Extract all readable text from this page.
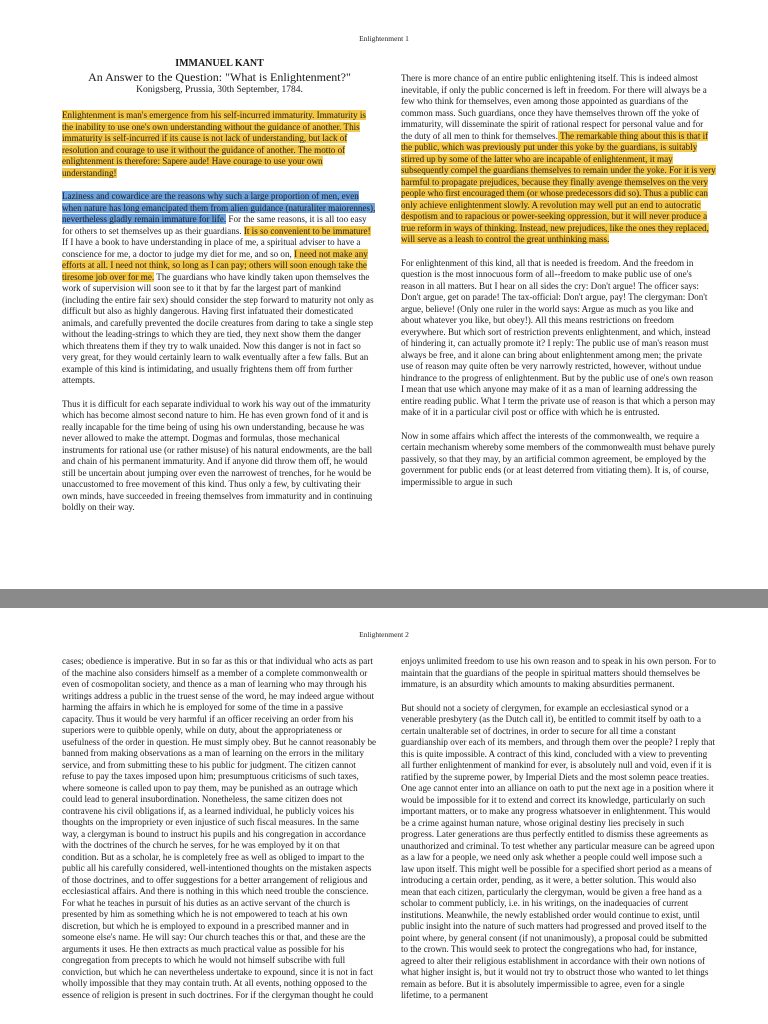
Enlightenment 1
IMMANUEL KANT
An Answer to the Question: "What is Enlightenment?"

Konigsberg, Prussia, 30th September, 1784.

Enlightenment is man's emergence from his self-incurred immaturity. Immaturity is the inability to use one's own understanding without the guidance of another. This immaturity is self-incurred if its cause is not lack of understanding, but lack of resolution and courage to use it without the guidance of another. The motto of enlightenment is therefore: Sapere aude! Have courage to use your own understanding!

Laziness and cowardice are the reasons why such a large proportion of men, even when nature has long emancipated them from alien guidance (naturaliter maiorennes), nevertheless gladly remain immature for life. For the same reasons, it is all too easy for others to set themselves up as their guardians. It is so convenient to be immature! If I have a book to have understanding in place of me, a spiritual adviser to have a conscience for me, a doctor to judge my diet for me, and so on, I need not make any efforts at all. I need not think, so long as I can pay; others will soon enough take the tiresome job over for me. The guardians who have kindly taken upon themselves the work of supervision will soon see to it that by far the largest part of mankind (including the entire fair sex) should consider the step forward to maturity not only as difficult but also as highly dangerous. Having first infatuated their domesticated animals, and carefully prevented the docile creatures from daring to take a single step without the leading-strings to which they are tied, they next show them the danger which threatens them if they try to walk unaided. Now this danger is not in fact so very great, for they would certainly learn to walk eventually after a few falls. But an example of this kind is intimidating, and usually frightens them off from further attempts.

Thus it is difficult for each separate individual to work his way out of the immaturity which has become almost second nature to him. He has even grown fond of it and is really incapable for the time being of using his own understanding, because he was never allowed to make the attempt. Dogmas and formulas, those mechanical instruments for rational use (or rather misuse) of his natural endowments, are the ball and chain of his permanent immaturity. And if anyone did throw them off, he would still be uncertain about jumping over even the narrowest of trenches, for he would be unaccustomed to free movement of this kind. Thus only a few, by cultivating their own minds, have succeeded in freeing themselves from immaturity and in continuing boldly on their way.

There is more chance of an entire public enlightening itself. This is indeed almost inevitable, if only the public concerned is left in freedom. For there will always be a few who think for themselves, even among those appointed as guardians of the common mass. Such guardians, once they have themselves thrown off the yoke of immaturity, will disseminate the spirit of rational respect for personal value and for the duty of all men to think for themselves. The remarkable thing about this is that if the public, which was previously put under this yoke by the guardians, is suitably stirred up by some of the latter who are incapable of enlightenment, it may subsequently compel the guardians themselves to remain under the yoke. For it is very harmful to propagate prejudices, because they finally avenge themselves on the very people who first encouraged them (or whose predecessors did so). Thus a public can only achieve enlightenment slowly. A revolution may well put an end to autocratic despotism and to rapacious or power-seeking oppression, but it will never produce a true reform in ways of thinking. Instead, new prejudices, like the ones they replaced, will serve as a leash to control the great unthinking mass.

For enlightenment of this kind, all that is needed is freedom. And the freedom in question is the most innocuous form of all--freedom to make public use of one's reason in all matters. But I hear on all sides the cry: Don't argue! The officer says: Don't argue, get on parade! The tax-official: Don't argue, pay! The clergyman: Don't argue, believe! (Only one ruler in the world says: Argue as much as you like and about whatever you like, but obey!). All this means restrictions on freedom everywhere. But which sort of restriction prevents enlightenment, and which, instead of hindering it, can actually promote it? I reply: The public use of man's reason must always be free, and it alone can bring about enlightenment among men; the private use of reason may quite often be very narrowly restricted, however, without undue hindrance to the progress of enlightenment. But by the public use of one's own reason I mean that use which anyone may make of it as a man of learning addressing the entire reading public. What I term the private use of reason is that which a person may make of it in a particular civil post or office with which he is entrusted.

Now in some affairs which affect the interests of the commonwealth, we require a certain mechanism whereby some members of the commonwealth must behave purely passively, so that they may, by an artificial common agreement, be employed by the government for public ends (or at least deterred from vitiating them). It is, of course, impermissible to argue in such

Enlightenment 2

cases; obedience is imperative. But in so far as this or that individual who acts as part of the machine also considers himself as a member of a complete commonwealth or even of cosmopolitan society, and thence as a man of learning who may through his writings address a public in the truest sense of the word, he may indeed argue without harming the affairs in which he is employed for some of the time in a passive capacity. Thus it would be very harmful if an officer receiving an order from his superiors were to quibble openly, while on duty, about the appropriateness or usefulness of the order in question. He must simply obey. But he cannot reasonably be banned from making observations as a man of learning on the errors in the military service, and from submitting these to his public for judgment. The citizen cannot refuse to pay the taxes imposed upon him; presumptuous criticisms of such taxes, where someone is called upon to pay them, may be punished as an outrage which could lead to general insubordination. Nonetheless, the same citizen does not contravene his civil obligations if, as a learned individual, he publicly voices his thoughts on the impropriety or even injustice of such fiscal measures. In the same way, a clergyman is bound to instruct his pupils and his congregation in accordance with the doctrines of the church he serves, for he was employed by it on that condition. But as a scholar, he is completely free as well as obliged to impart to the public all his carefully considered, well-intentioned thoughts on the mistaken aspects of those doctrines, and to offer suggestions for a better arrangement of religious and ecclesiastical affairs. And there is nothing in this which need trouble the conscience. For what he teaches in pursuit of his duties as an active servant of the church is presented by him as something which he is not empowered to teach at his own discretion, but which he is employed to expound in a prescribed manner and in someone else's name. He will say: Our church teaches this or that, and these are the arguments it uses. He then extracts as much practical value as possible for his congregation from precepts to which he would not himself subscribe with full conviction, but which he can nevertheless undertake to expound, since it is not in fact wholly impossible that they may contain truth. At all events, nothing opposed to the essence of religion is present in such doctrines. For if the clergyman thought he could

enjoys unlimited freedom to use his own reason and to speak in his own person. For to maintain that the guardians of the people in spiritual matters should themselves be immature, is an absurdity which amounts to making absurdities permanent.

But should not a society of clergymen, for example an ecclesiastical synod or a venerable presbytery (as the Dutch call it), be entitled to commit itself by oath to a certain unalterable set of doctrines, in order to secure for all time a constant guardianship over each of its members, and through them over the people? I reply that this is quite impossible. A contract of this kind, concluded with a view to preventing all further enlightenment of mankind for ever, is absolutely null and void, even if it is ratified by the supreme power, by Imperial Diets and the most solemn peace treaties. One age cannot enter into an alliance on oath to put the next age in a position where it would be impossible for it to extend and correct its knowledge, particularly on such important matters, or to make any progress whatsoever in enlightenment. This would be a crime against human nature, whose original destiny lies precisely in such progress. Later generations are thus perfectly entitled to dismiss these agreements as unauthorized and criminal. To test whether any particular measure can be agreed upon as a law for a people, we need only ask whether a people could well impose such a law upon itself. This might well be possible for a specified short period as a means of introducing a certain order, pending, as it were, a better solution. This would also mean that each citizen, particularly the clergyman, would be given a free hand as a scholar to comment publicly, i.e. in his writings, on the inadequacies of current institutions. Meanwhile, the newly established order would continue to exist, until public insight into the nature of such matters had progressed and proved itself to the point where, by general consent (if not unanimously), a proposal could be submitted to the crown. This would seek to protect the congregations who had, for instance, agreed to alter their religious establishment in accordance with their own notions of what higher insight is, but it would not try to obstruct those who wanted to let things remain as before. But it is absolutely impermissible to agree, even for a single lifetime, to a permanent
